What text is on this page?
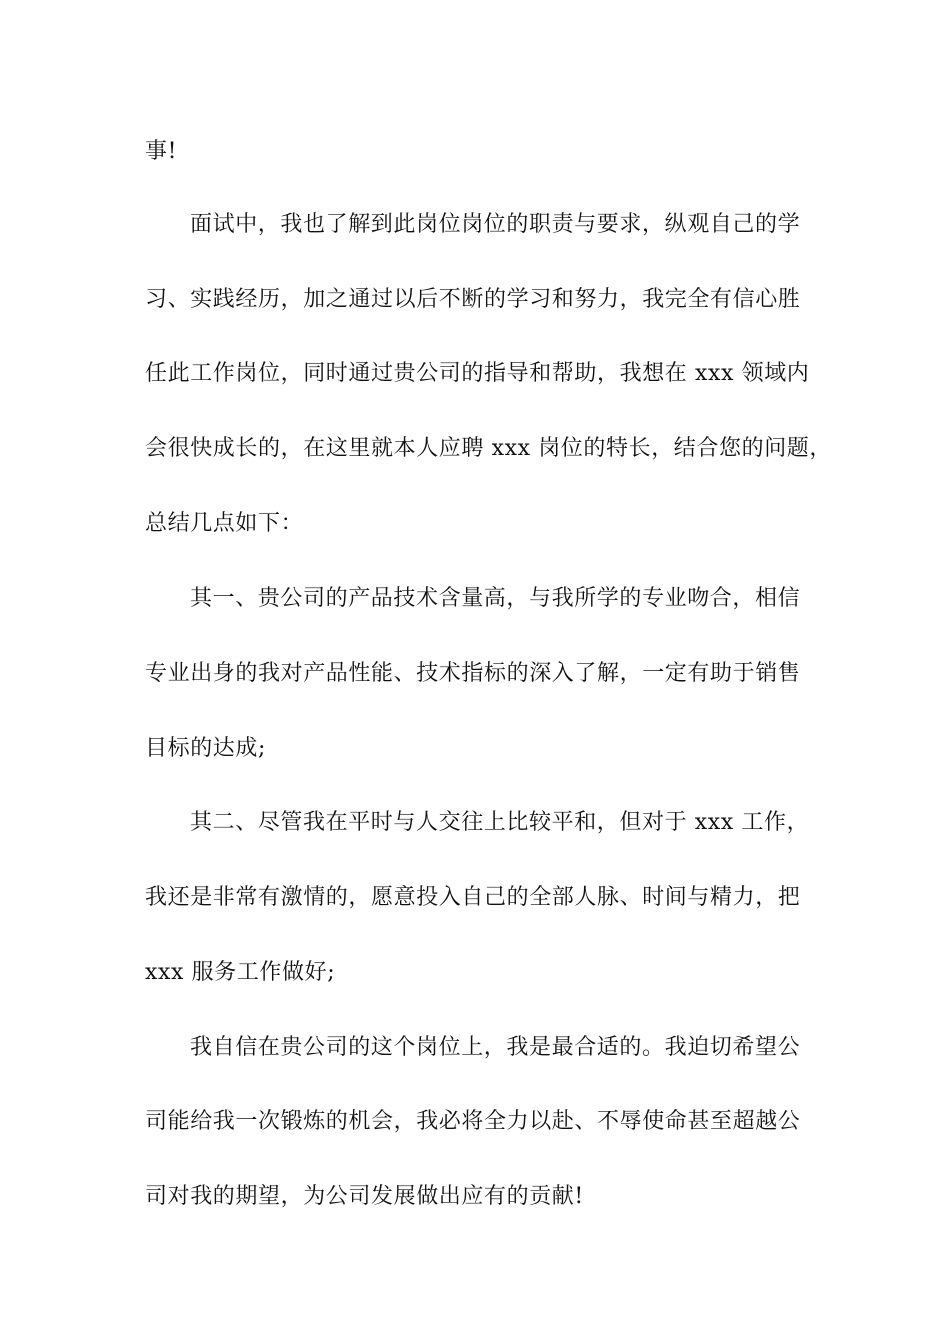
事!
面试中，我也了解到此岗位岗位的职责与要求，纵观自己的学
习、实践经历，加之通过以后不断的学习和努力，我完全有信心胜
任此工作岗位，同时通过贵公司的指导和帮助，我想在 xxx 领域内
会很快成长的，在这里就本人应聘 xxx 岗位的特长，结合您的问题，
总结几点如下：
其一、贵公司的产品技术含量高，与我所学的专业吻合，相信
专业出身的我对产品性能、技术指标的深入了解，一定有助于销售
目标的达成;
其二、尽管我在平时与人交往上比较平和，但对于 xxx 工作，
我还是非常有激情的，愿意投入自己的全部人脉、时间与精力，把
xxx 服务工作做好;
我自信在贵公司的这个岗位上，我是最合适的。我迫切希望公
司能给我一次锻炼的机会，我必将全力以赴、不辱使命甚至超越公
司对我的期望，为公司发展做出应有的贡献!
